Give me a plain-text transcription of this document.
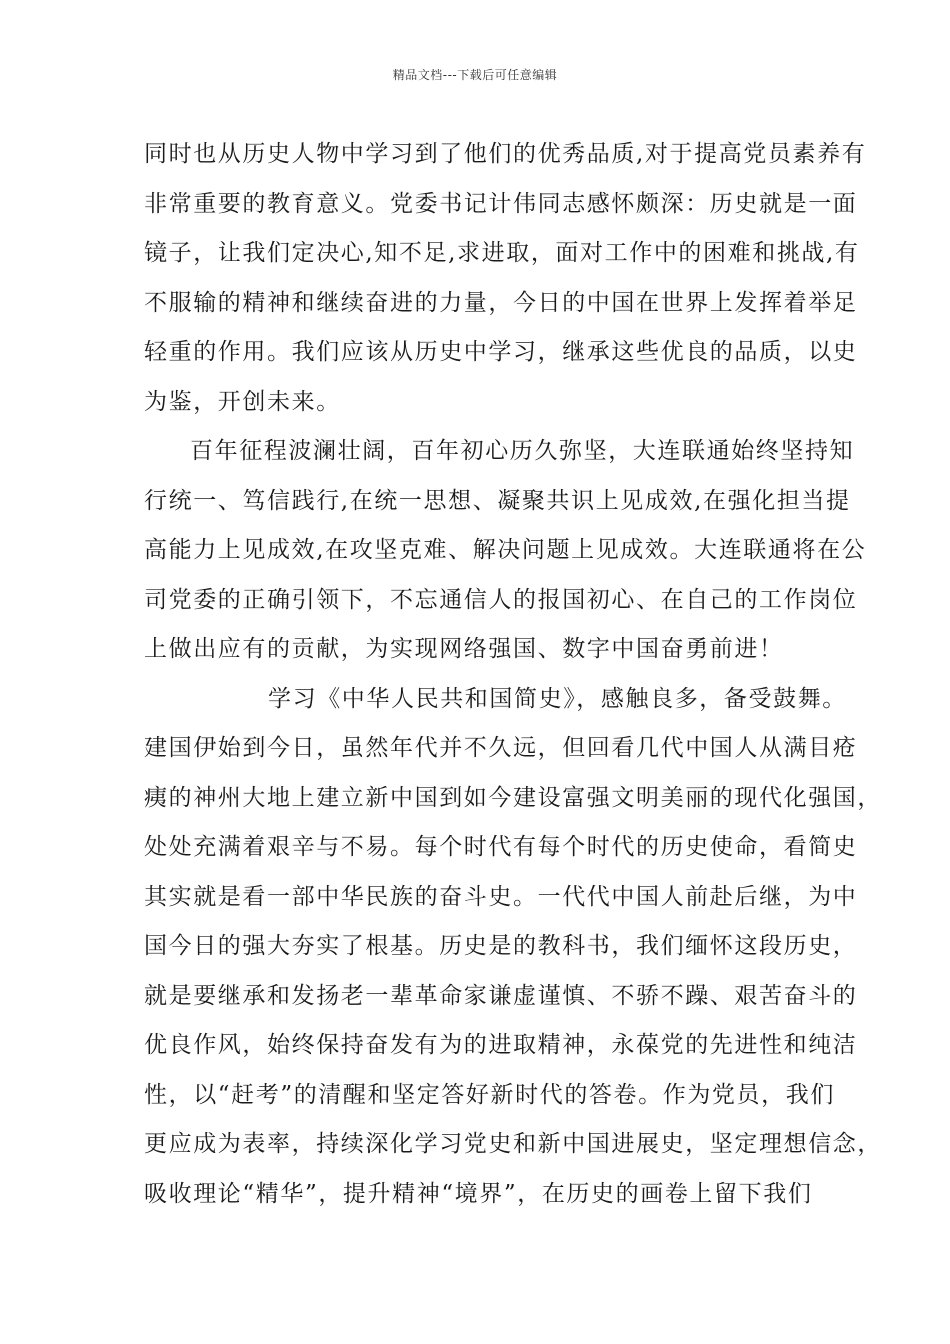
精品文档---下载后可任意编辑
同时也从历史人物中学习到了他们的优秀品质,对于提高党员素养有
非常重要的教育意义。党委书记计伟同志感怀颇深：历史就是一面
镜子，让我们定决心,知不足,求进取，面对工作中的困难和挑战,有
不服输的精神和继续奋进的力量，今日的中国在世界上发挥着举足
轻重的作用。我们应该从历史中学习，继承这些优良的品质，以史
为鉴，开创未来。
百年征程波澜壮阔，百年初心历久弥坚，大连联通始终坚持知
行统一、笃信践行,在统一思想、凝聚共识上见成效,在强化担当提
高能力上见成效,在攻坚克难、解决问题上见成效。大连联通将在公
司党委的正确引领下，不忘通信人的报国初心、在自己的工作岗位
上做出应有的贡献，为实现网络强国、数字中国奋勇前进！
学习《中华人民共和国简史》，感触良多，备受鼓舞。
建国伊始到今日，虽然年代并不久远，但回看几代中国人从满目疮
痍的神州大地上建立新中国到如今建设富强文明美丽的现代化强国，
处处充满着艰辛与不易。每个时代有每个时代的历史使命，看简史
其实就是看一部中华民族的奋斗史。一代代中国人前赴后继，为中
国今日的强大夯实了根基。历史是的教科书，我们缅怀这段历史，
就是要继承和发扬老一辈革命家谦虚谨慎、不骄不躁、艰苦奋斗的
优良作风，始终保持奋发有为的进取精神，永葆党的先进性和纯洁
性，以“赶考”的清醒和坚定答好新时代的答卷。作为党员，我们
更应成为表率，持续深化学习党史和新中国进展史，坚定理想信念，
吸收理论“精华”，提升精神“境界”，在历史的画卷上留下我们
